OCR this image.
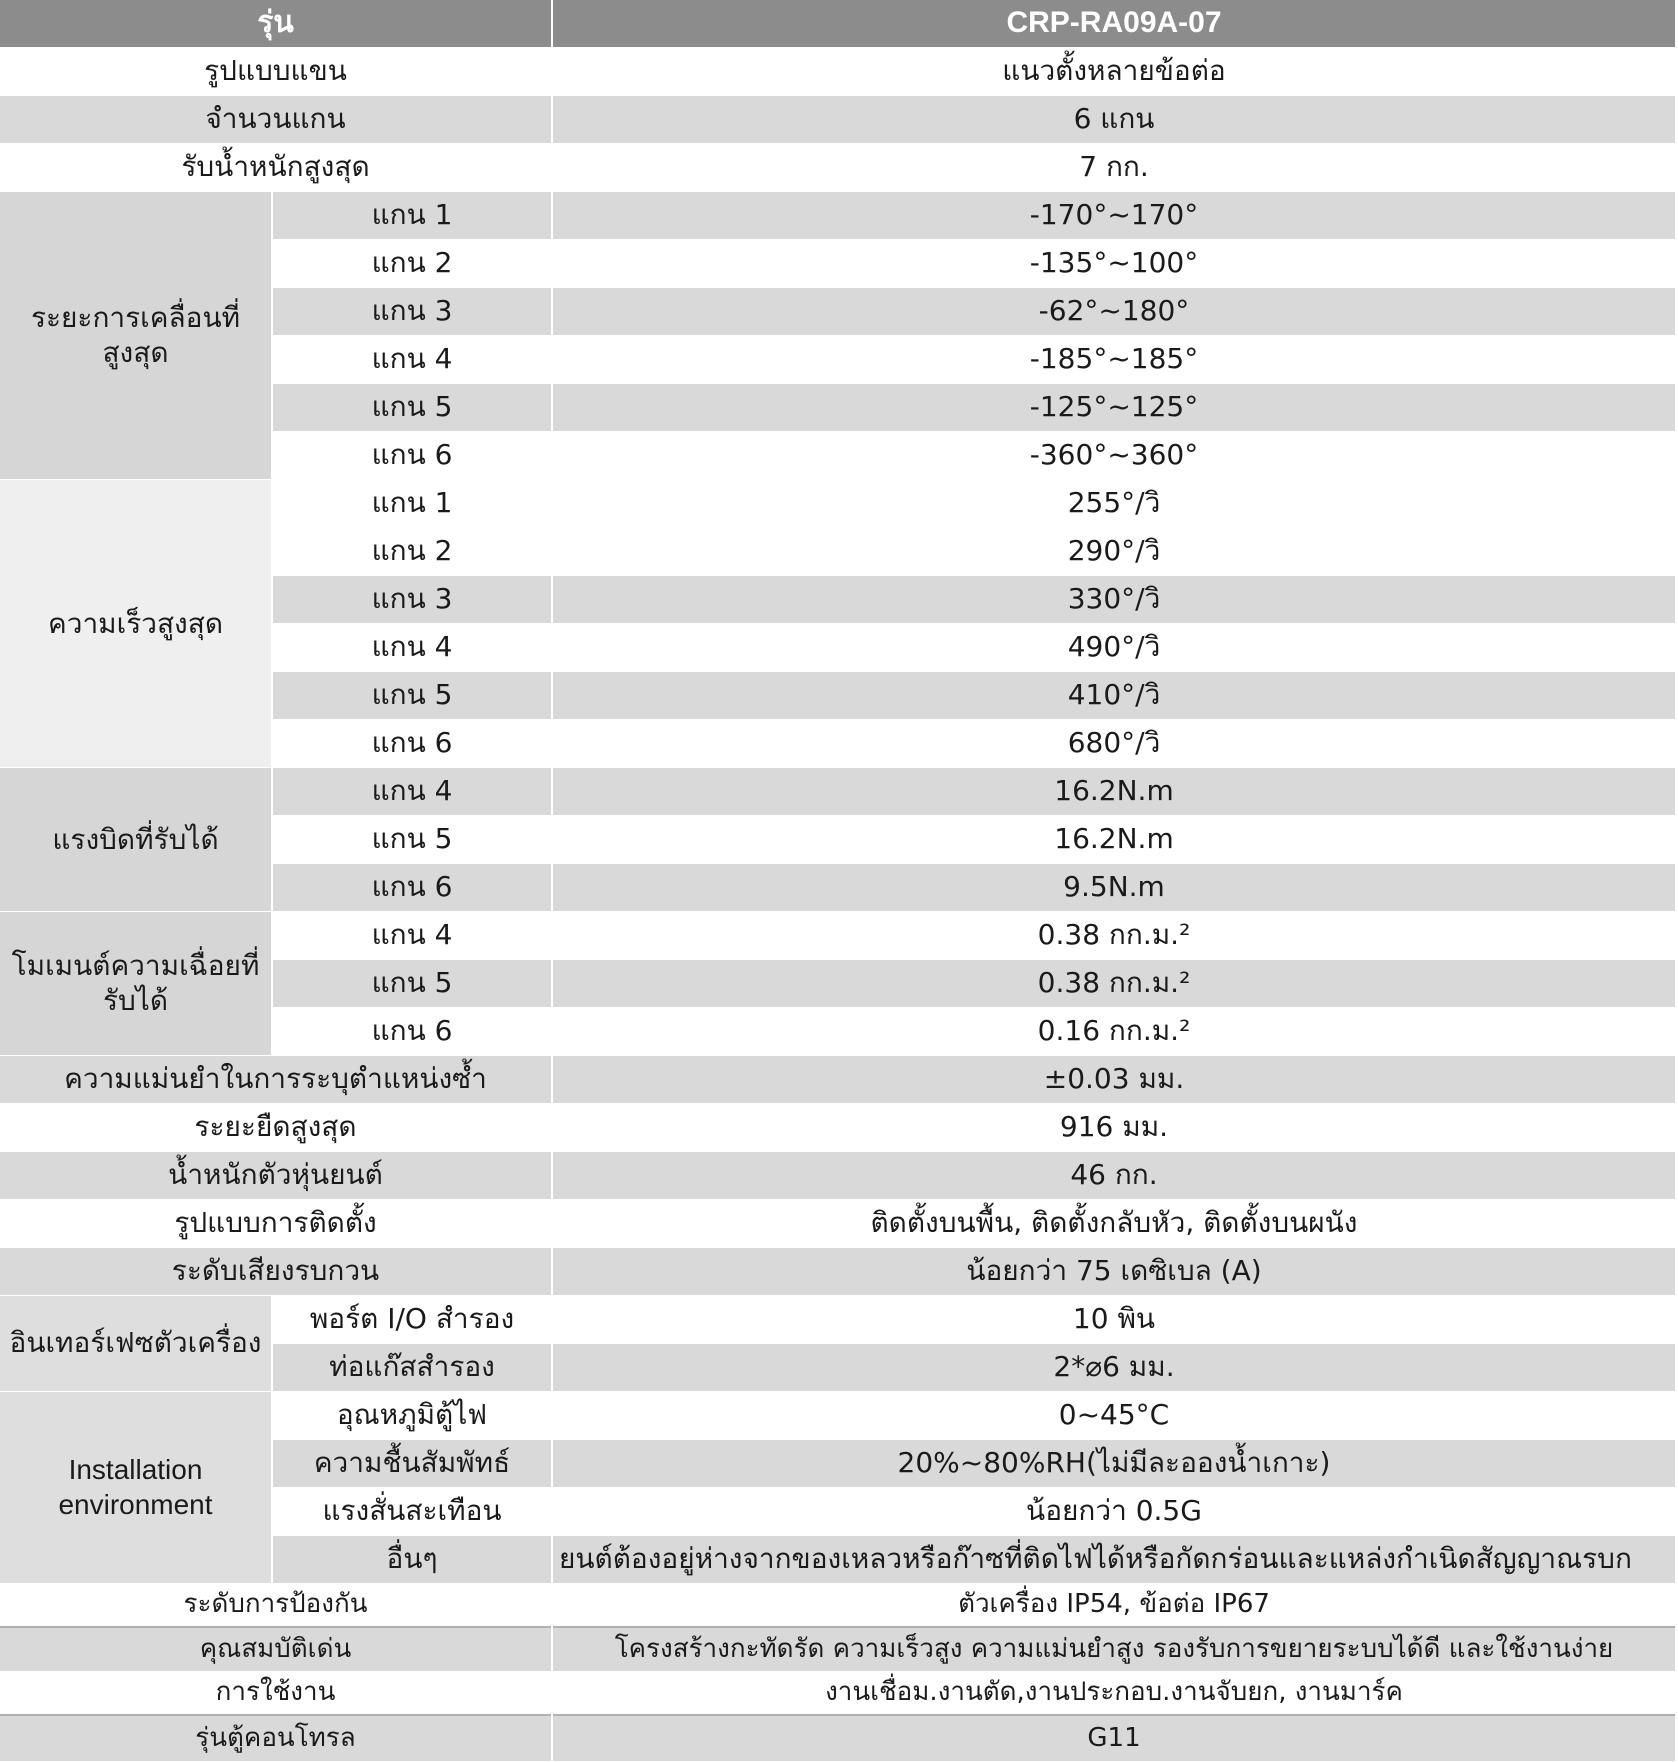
รุ่น		CRP-RA09A-07
รูปแบบแขน		แนวตั้งหลายข้อต่อ
จำนวนแกน		6 แกน
รับน้ำหนักสูงสุด		7 กก.
ระยะการเคลื่อนที่สูงสุด	แกน 1	-170°~170°
	แกน 2	-135°~100°
	แกน 3	-62°~180°
	แกน 4	-185°~185°
	แกน 5	-125°~125°
	แกน 6	-360°~360°
ความเร็วสูงสุด	แกน 1	255°/วิ
	แกน 2	290°/วิ
	แกน 3	330°/วิ
	แกน 4	490°/วิ
	แกน 5	410°/วิ
	แกน 6	680°/วิ
แรงบิดที่รับได้	แกน 4	16.2N.m
	แกน 5	16.2N.m
	แกน 6	9.5N.m
โมเมนต์ความเฉื่อยที่รับได้	แกน 4	0.38 กก.ม.²
	แกน 5	0.38 กก.ม.²
	แกน 6	0.16 กก.ม.²
ความแม่นยำในการระบุตำแหน่งซ้ำ		±0.03 มม.
ระยะยืดสูงสุด		916 มม.
น้ำหนักตัวหุ่นยนต์		46 กก.
รูปแบบการติดตั้ง		ติดตั้งบนพื้น, ติดตั้งกลับหัว, ติดตั้งบนผนัง
ระดับเสียงรบกวน		น้อยกว่า 75 เดซิเบล (A)
อินเทอร์เฟซตัวเครื่อง	พอร์ต I/O สำรอง	10 พิน
	ท่อแก๊สสำรอง	2*⌀6 มม.
Installation environment	อุณหภูมิตู้ไฟ	0~45°C
	ความชื้นสัมพัทธ์	20%~80%RH(ไม่มีละอองน้ำเกาะ)
	แรงสั่นสะเทือน	น้อยกว่า 0.5G
	อื่นๆ	ยนต์ต้องอยู่ห่างจากของเหลวหรือก๊าซที่ติดไฟได้หรือกัดกร่อนและแหล่งกำเนิดสัญญาณรบก
ระดับการป้องกัน		ตัวเครื่อง IP54, ข้อต่อ IP67
คุณสมบัติเด่น		โครงสร้างกะทัดรัด ความเร็วสูง ความแม่นยำสูง รองรับการขยายระบบได้ดี และใช้งานง่าย
การใช้งาน		งานเชื่อม.งานตัด,งานประกอบ.งานจับยก, งานมาร์ค
รุ่นตู้คอนโทรล		G11
